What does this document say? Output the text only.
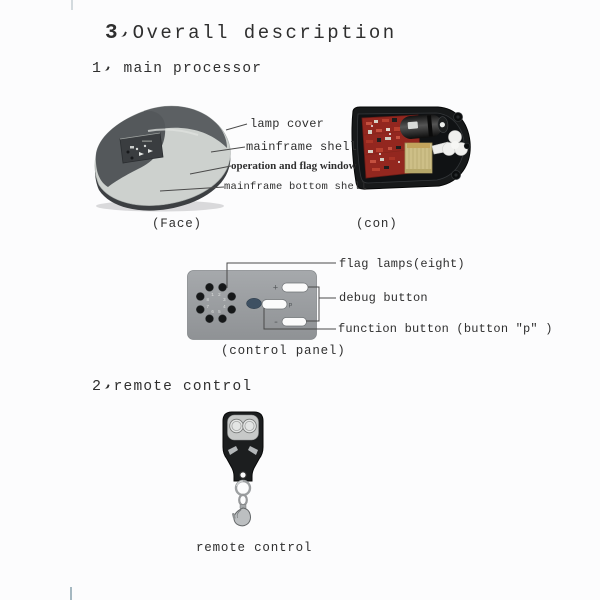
3 Overall description
1 main processor
lamp cover
mainframe shell
operation and flag window
mainframe bottom shell
(Face)	(con)
1 2
3
4
5
6
7
8
+
P
-
flag lamps(eight)
debug button
function button (button "p" )
(control panel)
2 remote control
remote control
